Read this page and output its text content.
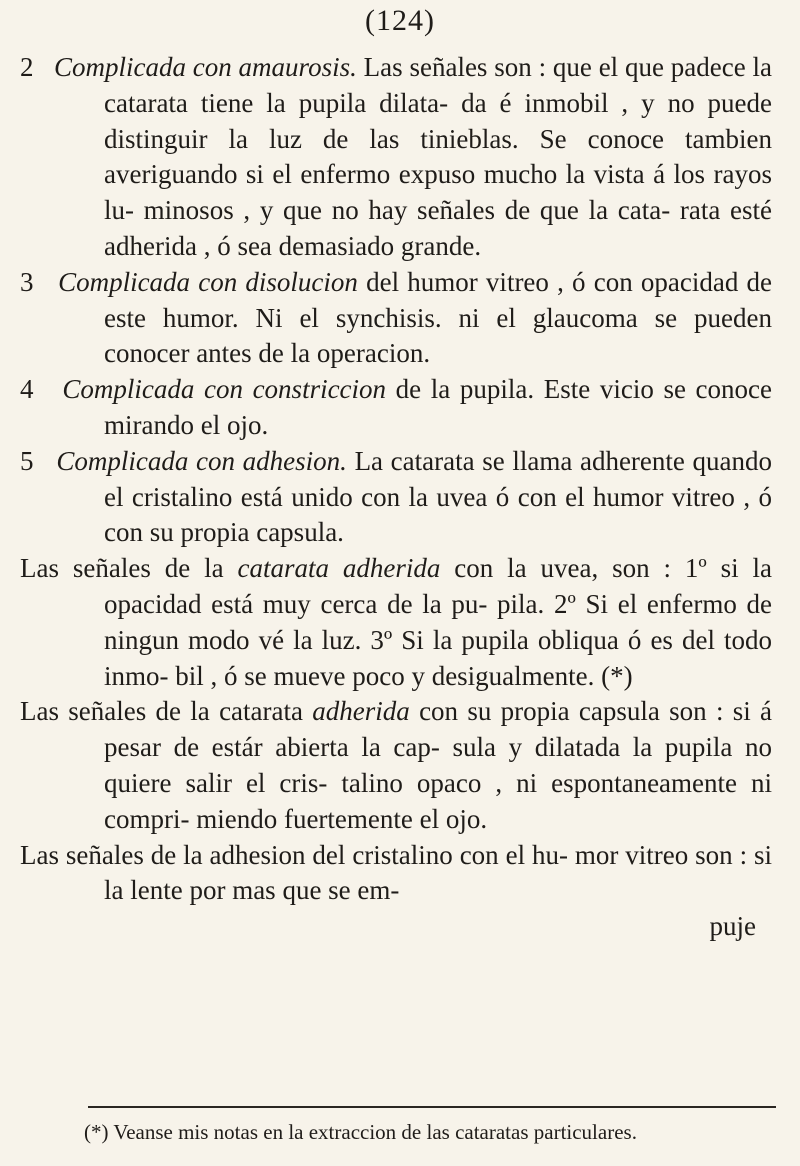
(124)

2 Complicada con amaurosis. Las señales son : que el que padece la catarata tiene la pupila dilata- da é inmobil , y no puede distinguir la luz de las tinieblas. Se conoce tambien averiguando si el enfermo expuso mucho la vista á los rayos lu- minosos , y que no hay señales de que la cata- rata esté adherida , ó sea demasiado grande.

3 Complicada con disolucion del humor vitreo , ó con opacidad de este humor. Ni el synchisis. ni el glaucoma se pueden conocer antes de la operacion.

4 Complicada con constriccion de la pupila. Este vicio se conoce mirando el ojo.

5 Complicada con adhesion. La catarata se llama adherente quando el cristalino está unido con la uvea ó con el humor vitreo , ó con su propia capsula.

Las señales de la catarata adherida con la uvea, son : 1º si la opacidad está muy cerca de la pu- pila. 2º Si el enfermo de ningun modo vé la luz. 3º Si la pupila obliqua ó es del todo inmo- bil , ó se mueve poco y desigualmente. (*)

Las señales de la catarata adherida con su propia capsula son : si á pesar de estár abierta la cap- sula y dilatada la pupila no quiere salir el cris- talino opaco , ni espontaneamente ni compri- miendo fuertemente el ojo.

Las señales de la adhesion del cristalino con el hu- mor vitreo son : si la lente por mas que se em-

puje
(*) Veanse mis notas en la extraccion de las cataratas particulares.
